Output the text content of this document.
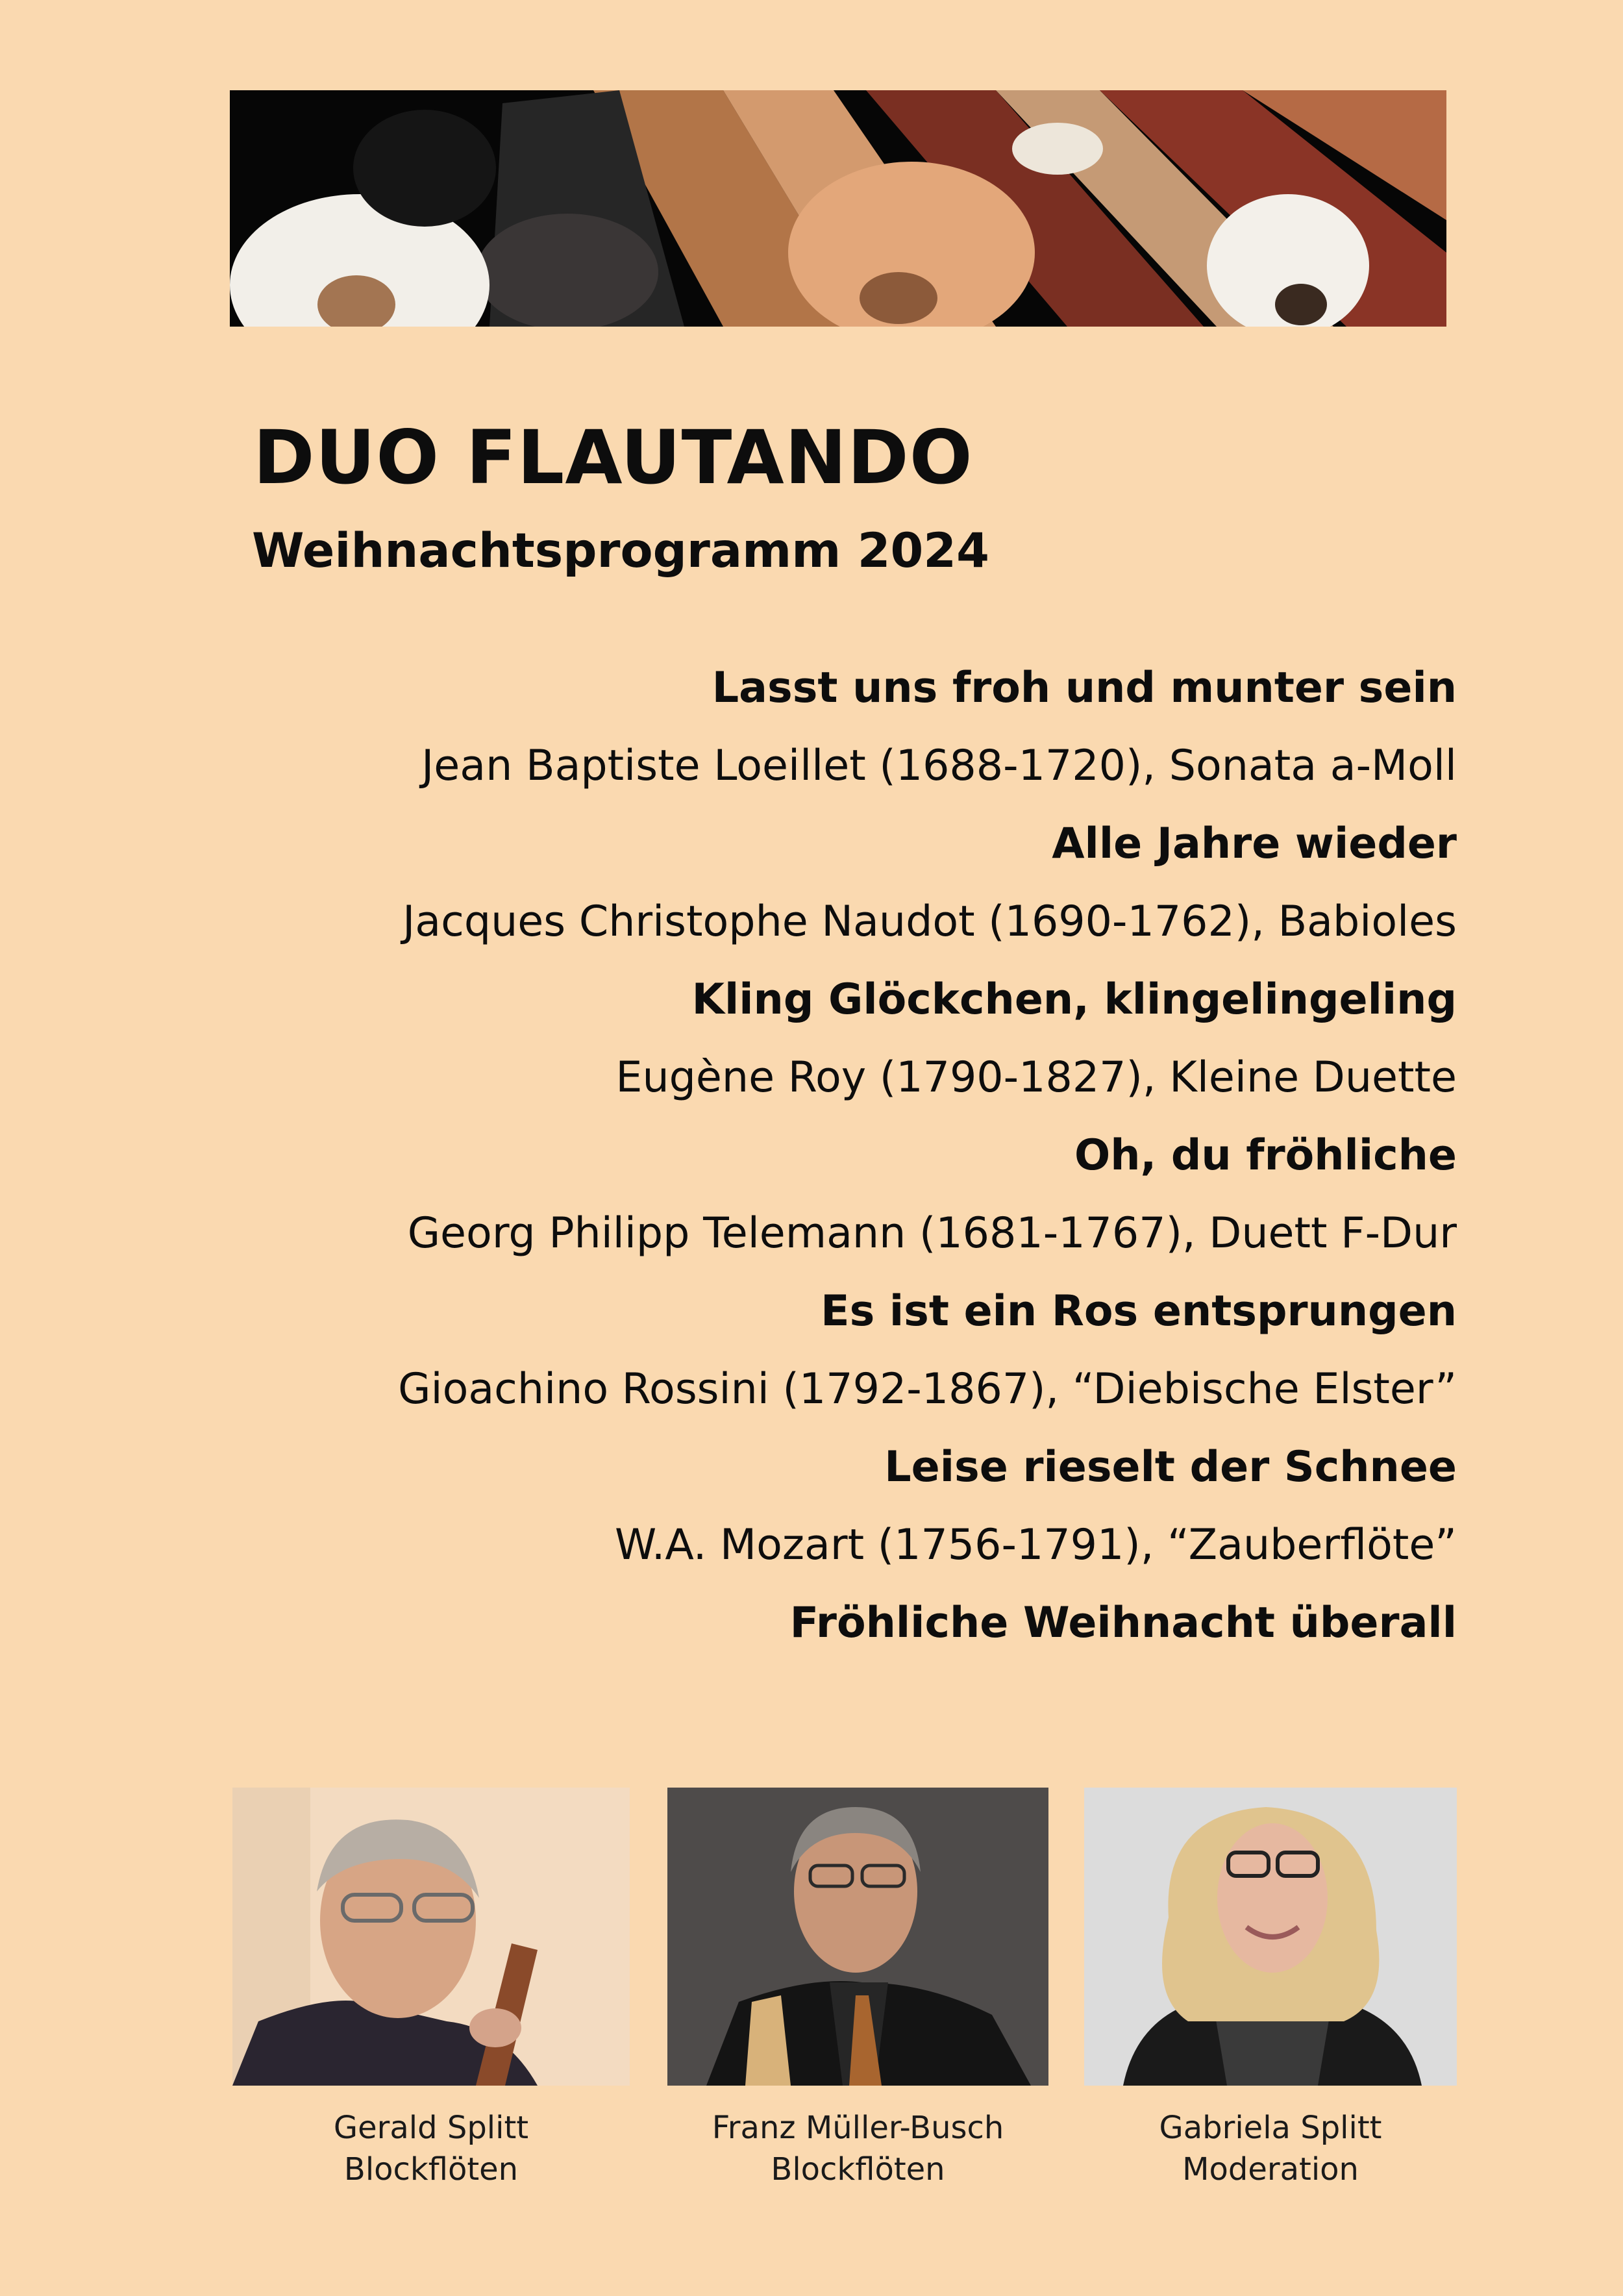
DUO FLAUTANDO
Weihnachtsprogramm 2024
Lasst uns froh und munter sein
Jean Baptiste Loeillet (1688-1720), Sonata a-Moll
Alle Jahre wieder
Jacques Christophe Naudot (1690-1762), Babioles
Kling Glöckchen, klingelingeling
Eugène Roy (1790-1827), Kleine Duette
Oh, du fröhliche
Georg Philipp Telemann (1681-1767), Duett F-Dur
Es ist ein Ros entsprungen
Gioachino Rossini (1792-1867), “Diebische Elster”
Leise rieselt der Schnee
W.A. Mozart (1756-1791), “Zauberflöte”
Fröhliche Weihnacht überall
Gerald Splitt
Blockflöten
Franz Müller-Busch
Blockflöten
Gabriela Splitt
Moderation
